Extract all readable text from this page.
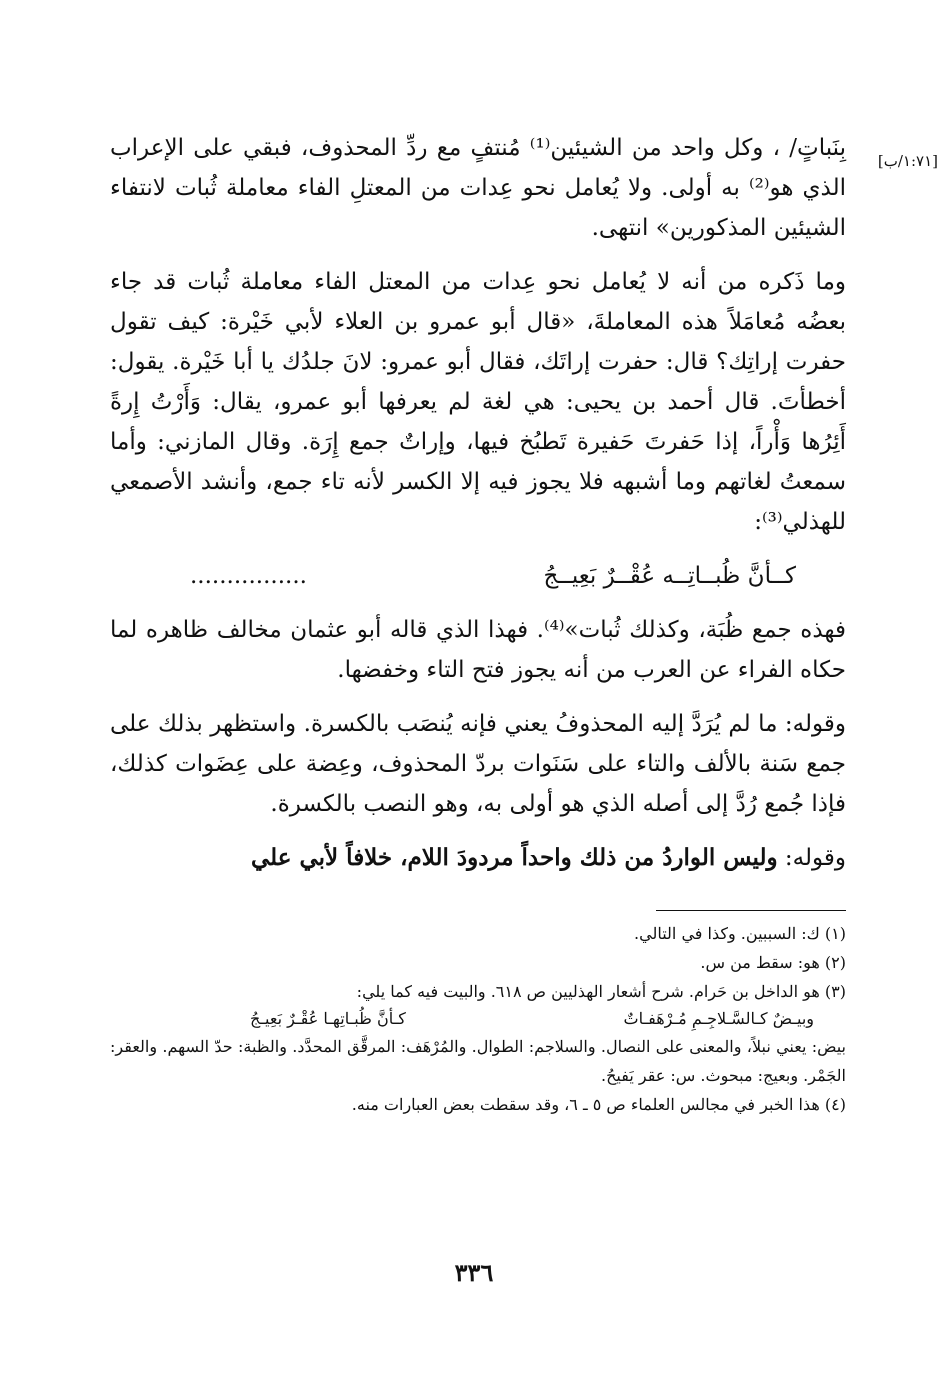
[١:٧١/ب]

بِنَباتٍ/ ، وكل واحد من الشيئين⁽¹⁾ مُنتفٍ مع ردِّ المحذوف، فبقي على الإعراب الذي هو⁽²⁾ به أولى. ولا يُعامل نحو عِدات من المعتلِ الفاء معاملة ثُبات لانتفاء الشيئين المذكورين» انتهى.

وما ذَكره من أنه لا يُعامل نحو عِدات من المعتل الفاء معاملة ثُبات قد جاء بعضُه مُعامَلاً هذه المعاملةَ، «قال أبو عمرو بن العلاء لأبي خَيْرة: كيف تقول حفرت إراتِك؟ قال: حفرت إراتَك، فقال أبو عمرو: لانَ جلدُك يا أبا خَيْرة. يقول: أخطأتَ. قال أحمد بن يحيى: هي لغة لم يعرفها أبو عمرو، يقال: وَأَرْتُ إِرةً أَئِرُها وَأْراً، إذا حَفرتَ حَفيرة تَطبُخ فيها، وإراتٌ جمع إِرَة. وقال المازني: وأما سمعتُ لغاتهم وما أشبهه فلا يجوز فيه إلا الكسر لأنه تاء جمع، وأنشد الأصمعي للهذلي⁽³⁾:

كــأنَّ ظُبــاتِــه عُقْــرٌ بَعِيــجُ
................

فهذه جمع ظُبَة، وكذلك ثُبات»⁽⁴⁾. فهذا الذي قاله أبو عثمان مخالف ظاهره لما حكاه الفراء عن العرب من أنه يجوز فتح التاء وخفضها.

وقوله: ما لم يُرَدَّ إليه المحذوفُ يعني فإنه يُنصَب بالكسرة. واستظهر بذلك على جمع سَنة بالألف والتاء على سَنَوات بردّ المحذوف، وعِضة على عِضَوات كذلك، فإذا جُمع رُدَّ إلى أصله الذي هو أولى به، وهو النصب بالكسرة.

وقوله: وليس الواردُ من ذلك واحداً مردودَ اللام، خلافاً لأبي علي

(١) ك: السببين. وكذا في التالي.

(٢) هو: سقط من س.

(٣) هو الداخل بن حَرام. شرح أشعار الهذليين ص ٦١٨. والبيت فيه كما يلي:

وبيـضٌ كـالسَّـلاجِـمِ مُـرْهَفـاتٌ
كـأنَّ ظُبـاتِهـا عُقْـرٌ بَعِيـجُ

بيض: يعني نبلاً، والمعنى على النصال. والسلاجم: الطوال. والمُرْهَف: المرقَّق المحدَّد. والظبة: حدّ السهم. والعقر: الجَمْر. وبعيج: مبحوث. س: عقر يَفيحُ.

(٤) هذا الخبر في مجالس العلماء ص ٥ ـ ٦، وقد سقطت بعض العبارات منه.

٣٣٦
